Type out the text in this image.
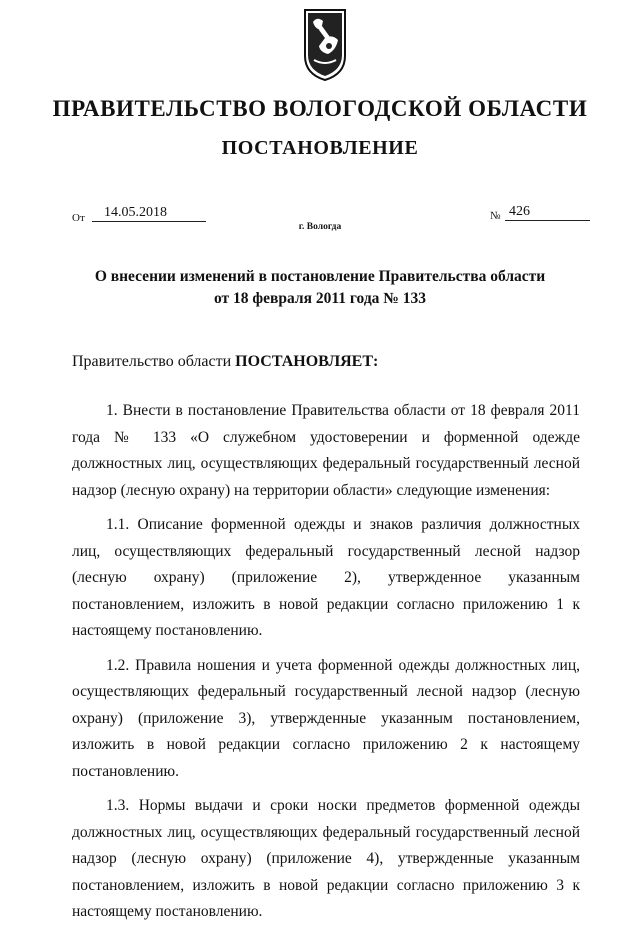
ПРАВИТЕЛЬСТВО ВОЛОГОДСКОЙ ОБЛАСТИ
ПОСТАНОВЛЕНИЕ
От	14.05.2018	№ 426
г. Вологда
О внесении изменений в постановление Правительства области
от 18 февраля 2011 года № 133
Правительство области ПОСТАНОВЛЯЕТ:

1. Внести в постановление Правительства области от 18 февраля 2011 года № 133 «О служебном удостоверении и форменной одежде должностных лиц, осуществляющих федеральный государственный лесной надзор (лесную охрану) на территории области» следующие изменения:

1.1. Описание форменной одежды и знаков различия должностных лиц, осуществляющих федеральный государственный лесной надзор (лесную охрану) (приложение 2), утвержденное указанным постановлением, изложить в новой редакции согласно приложению 1 к настоящему постановлению.

1.2. Правила ношения и учета форменной одежды должностных лиц, осуществляющих федеральный государственный лесной надзор (лесную охрану) (приложение 3), утвержденные указанным постановлением, изложить в новой редакции согласно приложению 2 к настоящему постановлению.

1.3. Нормы выдачи и сроки носки предметов форменной одежды должностных лиц, осуществляющих федеральный государственный лесной надзор (лесную охрану) (приложение 4), утвержденные указанным постановлением, изложить в новой редакции согласно приложению 3 к настоящему постановлению.
